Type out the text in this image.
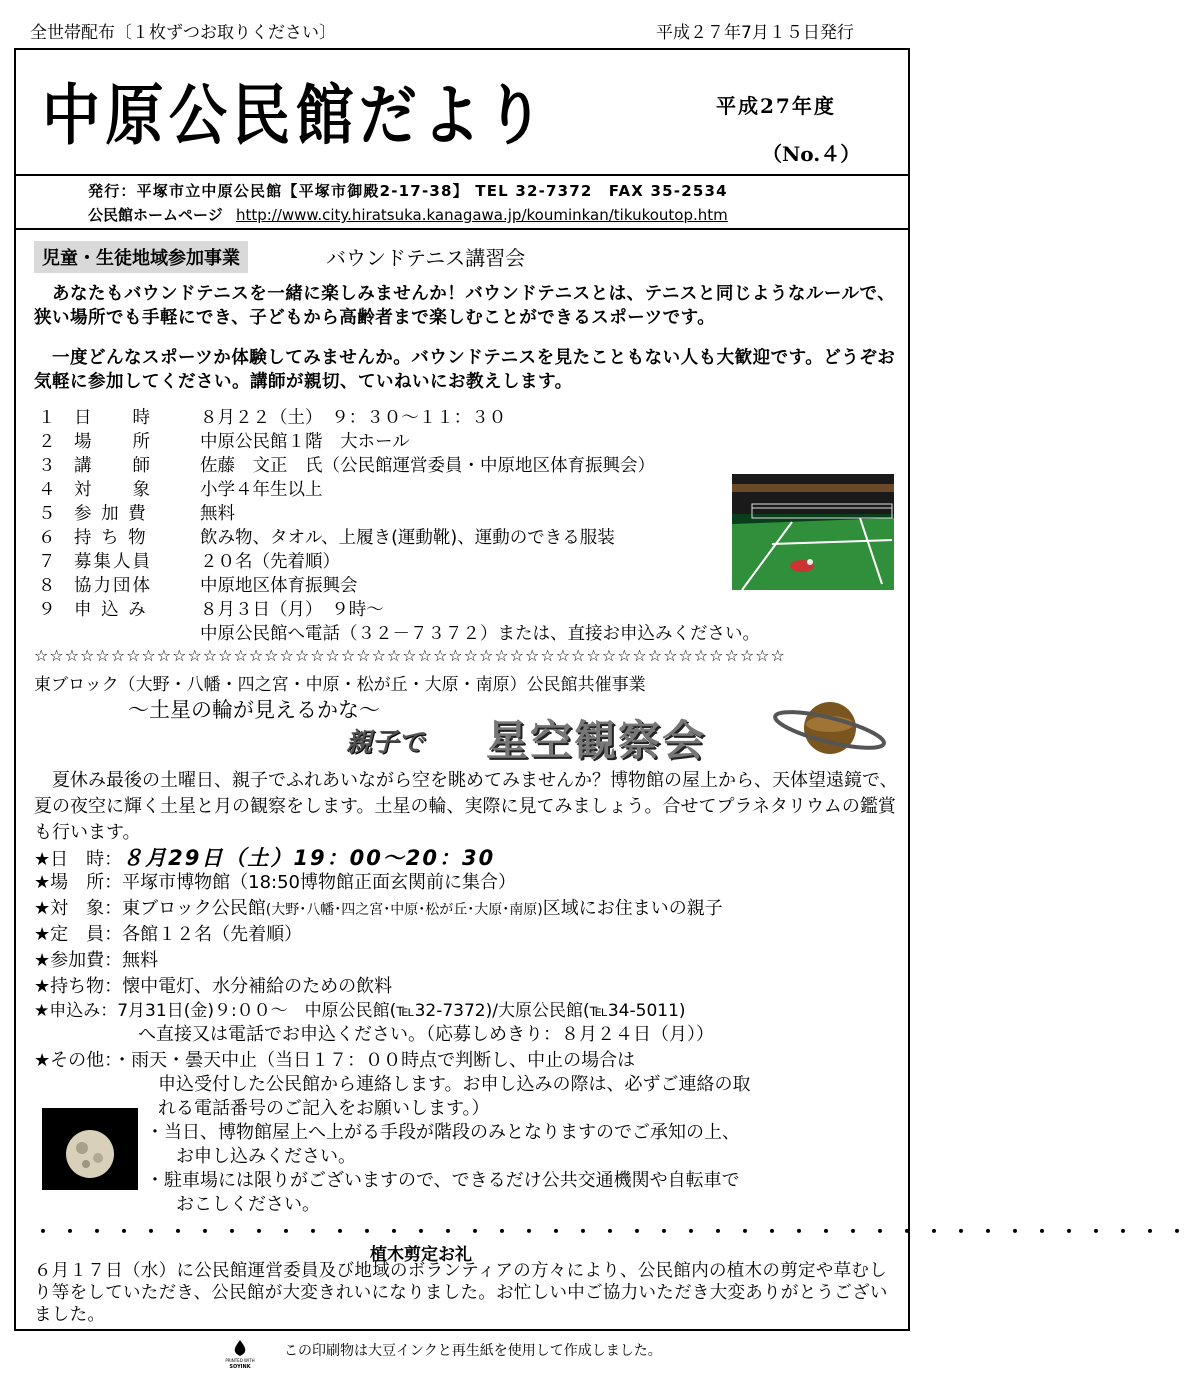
全世帯配布〔１枚ずつお取りください〕	平成２７年7月１５日発行
中原公民館だより	平成27年度
（No.４）
発行：平塚市立中原公民館【平塚市御殿2-17-38】 TEL 32-7372　FAX 35-2534
公民館ホームページ http://www.city.hiratsuka.kanagawa.jp/kouminkan/tikukoutop.htm
児童・生徒地域参加事業	バウンドテニス講習会
　あなたもバウンドテニスを一緒に楽しみませんか！バウンドテニスとは、テニスと同じようなルールで、狭い場所でも手軽にでき、子どもから高齢者まで楽しむことができるスポーツです。
　一度どんなスポーツか体験してみませんか。バウンドテニスを見たこともない人も大歓迎です。どうぞお気軽に参加してください。講師が親切、ていねいにお教えします。
１ 日　　時	８月２２（土）　９：３０～１１：３０
２ 場　　所	中原公民館１階　大ホール
３ 講　　師	佐藤　文正　氏（公民館運営委員・中原地区体育振興会）
４ 対　　象	小学４年生以上
５ 参 加 費	無料
６ 持 ち 物	飲み物、タオル、上履き(運動靴)、運動のできる服装
７ 募集人員	２０名（先着順）
８ 協力団体	中原地区体育振興会
９ 申 込 み	８月３日（月）　９時～
中原公民館へ電話（３２－７３７２）または、直接お申込みください。
☆☆☆☆☆☆☆☆☆☆☆☆☆☆☆☆☆☆☆☆☆☆☆☆☆☆☆☆☆☆☆☆☆☆☆☆☆☆☆☆☆☆☆☆☆☆☆☆☆
東ブロック（大野・八幡・四之宮・中原・松が丘・大原・南原）公民館共催事業
～土星の輪が見えるかな～
親子で 星空観察会
　夏休み最後の土曜日、親子でふれあいながら空を眺めてみませんか？博物館の屋上から、天体望遠鏡で、夏の夜空に輝く土星と月の観察をします。土星の輪、実際に見てみましょう。合せてプラネタリウムの鑑賞も行います。
★日　時：８月29日（土）19：00～20：30
★場　所：平塚市博物館（18:50博物館正面玄関前に集合）
★対　象：東ブロック公民館(大野･八幡･四之宮･中原･松が丘･大原･南原)区域にお住まいの親子
★定　員：各館１２名（先着順）
★参加費：無料
★持ち物：懐中電灯、水分補給のための飲料
★申込み：7月31日(金)９:００～　中原公民館(℡32-7372)/大原公民館(℡34-5011)
へ直接又は電話でお申込ください。（応募しめきり：８月２４日（月））
★その他：・雨天・曇天中止（当日１７：００時点で判断し、中止の場合は
申込受付した公民館から連絡します。お申し込みの際は、必ずご連絡の取
れる電話番号のご記入をお願いします。）
・当日、博物館屋上へ上がる手段が階段のみとなりますのでご承知の上、
お申し込みください。
・駐車場には限りがございますので、できるだけ公共交通機関や自転車で
おこしください。
・・・・・・・・・・・・・・・・・・・・・・・・・・・・・・・・・・・・・・・・・・・
植木剪定お礼
６月１７日（水）に公民館運営委員及び地域のボランティアの方々により、公民館内の植木の剪定や草むしり等をしていただき、公民館が大変きれいになりました。お忙しい中ご協力いただき大変ありがとうございました。
PRINTED WITH
SOYINK
この印刷物は大豆インクと再生紙を使用して作成しました。
